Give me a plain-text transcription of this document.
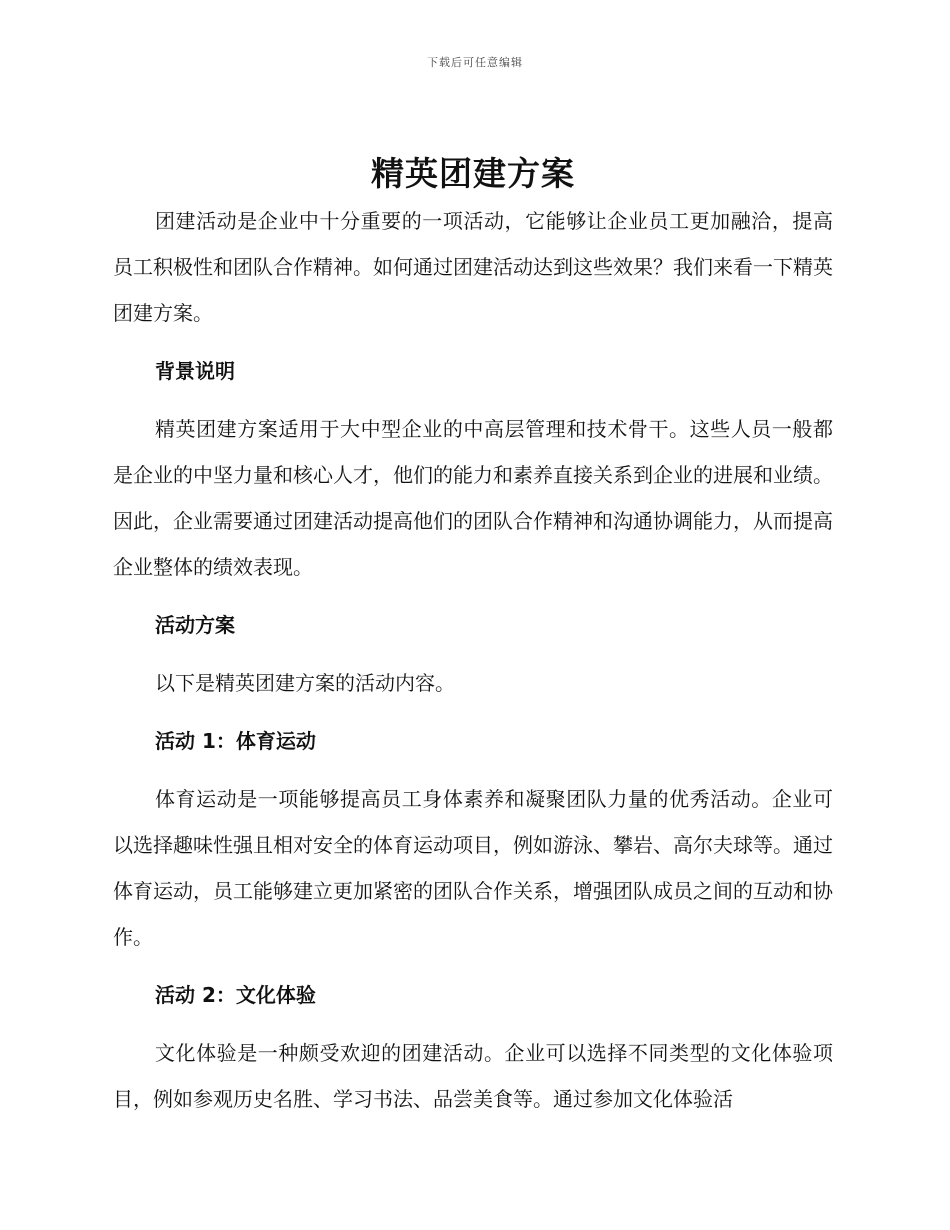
下载后可任意编辑
精英团建方案

团建活动是企业中十分重要的一项活动，它能够让企业员工更加融洽，提高员工积极性和团队合作精神。如何通过团建活动达到这些效果？我们来看一下精英团建方案。

背景说明

精英团建方案适用于大中型企业的中高层管理和技术骨干。这些人员一般都是企业的中坚力量和核心人才，他们的能力和素养直接关系到企业的进展和业绩。因此，企业需要通过团建活动提高他们的团队合作精神和沟通协调能力，从而提高企业整体的绩效表现。

活动方案

以下是精英团建方案的活动内容。

活动 1：体育运动

体育运动是一项能够提高员工身体素养和凝聚团队力量的优秀活动。企业可以选择趣味性强且相对安全的体育运动项目，例如游泳、攀岩、高尔夫球等。通过体育运动，员工能够建立更加紧密的团队合作关系，增强团队成员之间的互动和协作。

活动 2：文化体验

文化体验是一种颇受欢迎的团建活动。企业可以选择不同类型的文化体验项目，例如参观历史名胜、学习书法、品尝美食等。通过参加文化体验活
